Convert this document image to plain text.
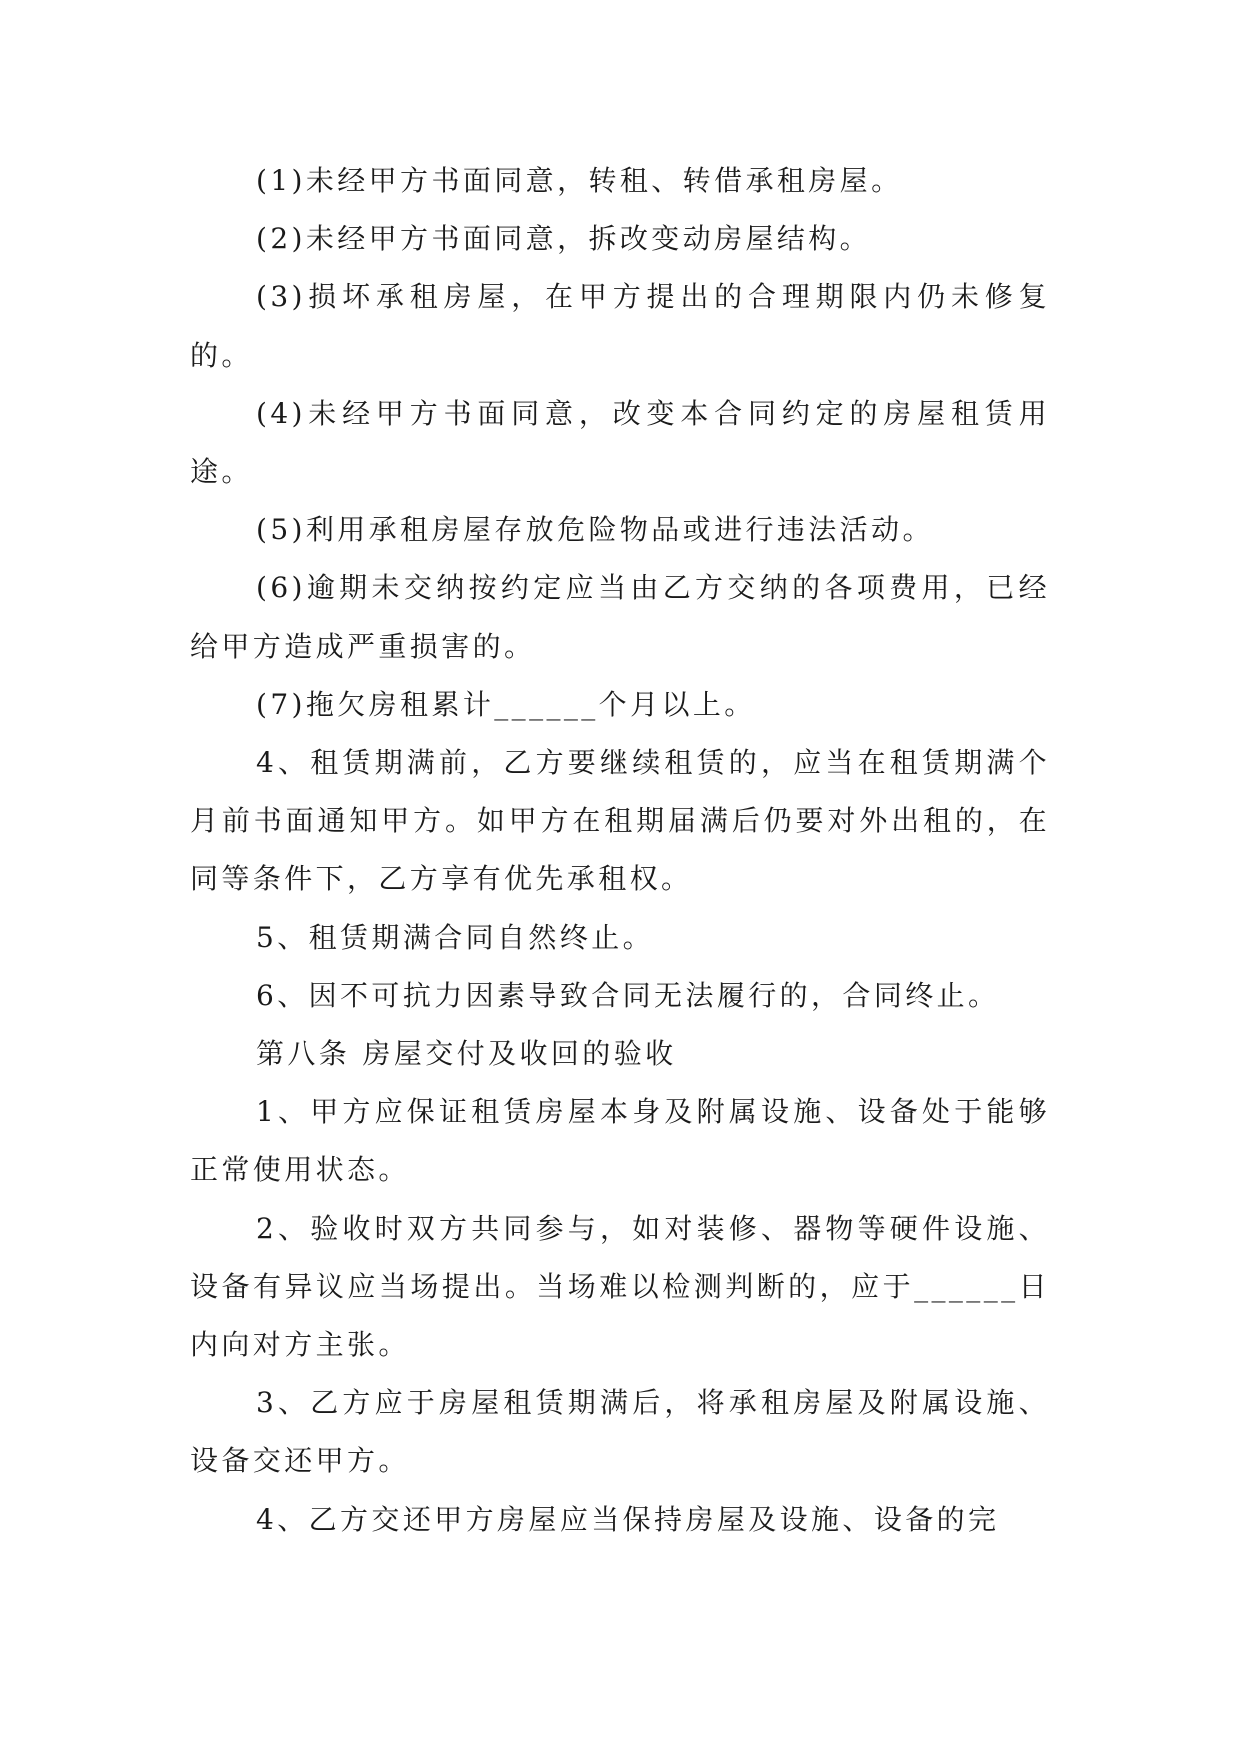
(1)未经甲方书面同意，转租、转借承租房屋。

(2)未经甲方书面同意，拆改变动房屋结构。

(3)损坏承租房屋，在甲方提出的合理期限内仍未修复的。

(4)未经甲方书面同意，改变本合同约定的房屋租赁用途。

(5)利用承租房屋存放危险物品或进行违法活动。

(6)逾期未交纳按约定应当由乙方交纳的各项费用，已经给甲方造成严重损害的。

(7)拖欠房租累计______个月以上。

4、租赁期满前，乙方要继续租赁的，应当在租赁期满个月前书面通知甲方。如甲方在租期届满后仍要对外出租的，在同等条件下，乙方享有优先承租权。

5、租赁期满合同自然终止。

6、因不可抗力因素导致合同无法履行的，合同终止。

第八条 房屋交付及收回的验收

1、甲方应保证租赁房屋本身及附属设施、设备处于能够正常使用状态。

2、验收时双方共同参与，如对装修、器物等硬件设施、设备有异议应当场提出。当场难以检测判断的，应于______日内向对方主张。

3、乙方应于房屋租赁期满后，将承租房屋及附属设施、设备交还甲方。

4、乙方交还甲方房屋应当保持房屋及设施、设备的完
